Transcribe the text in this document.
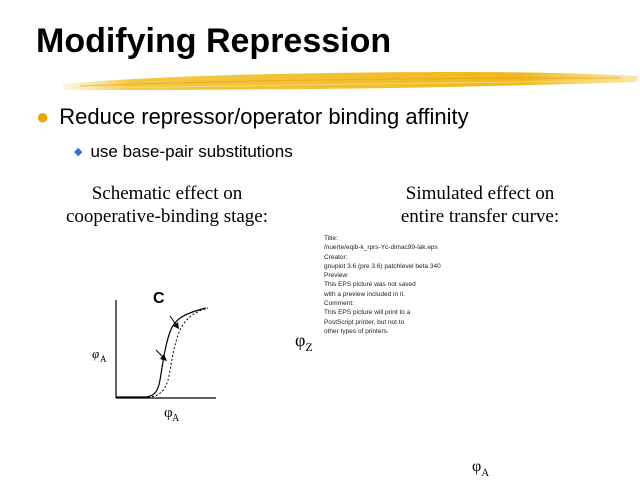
Modifying Repression
● Reduce repressor/operator binding affinity
◆ use base-pair substitutions
Schematic effect on
cooperative-binding stage:
Simulated effect on
entire transfer curve:
Title:
/nuerte/eqib-k_rprs-Yc-dimac99-lak.eps
Creator:
gnuplot 3.6 (pre 3.6) patchlevel beta 340
Preview:
This EPS picture was not saved
with a preview included in it.
Comment:
This EPS picture will print to a
PostScript printer, but not to
other types of printers.
C
φ A
φ A
$\varphi_Z$
$\varphi_A$
